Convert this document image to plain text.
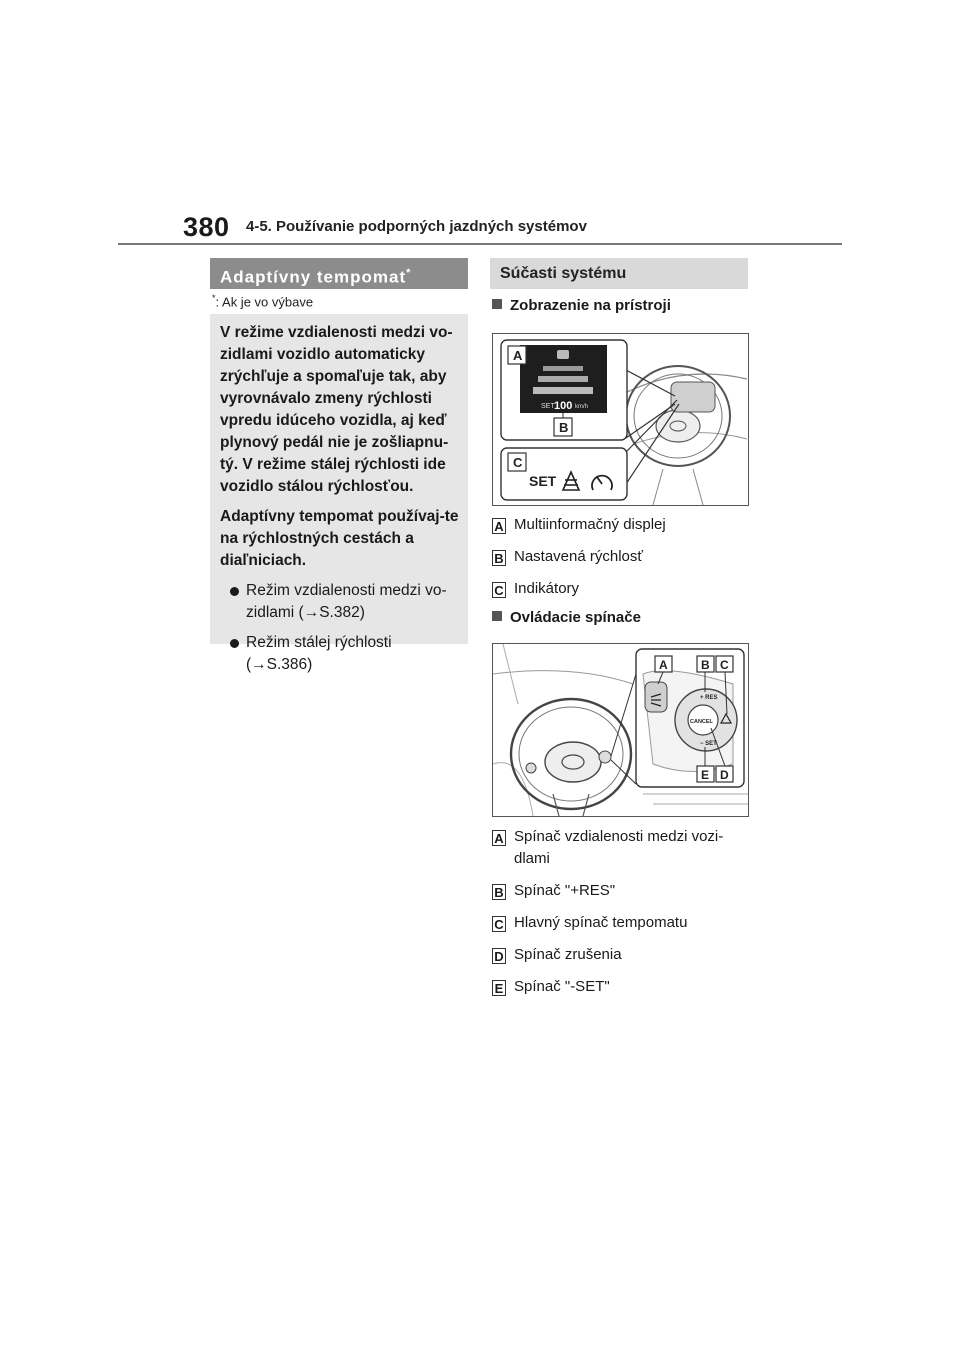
380 4-5. Používanie podporných jazdných systémov
Adaptívny tempomat*
*: Ak je vo výbave

V režime vzdialenosti medzi vo-zidlami vozidlo automaticky zrýchľuje a spomaľuje tak, aby vyrovnávalo zmeny rýchlosti vpredu idúceho vozidla, aj keď plynový pedál nie je zošliapnu-tý. V režime stálej rýchlosti ide vozidlo stálou rýchlosťou.

Adaptívny tempomat používaj-te na rýchlostných cestách a diaľniciach.

Režim vzdialenosti medzi vo-zidlami (→S.382)

Režim stálej rýchlosti (→S.386)

Súčasti systému
Zobrazenie na prístroji
SET 100 km/h
A
B
C
SET
A Multiinformačný displej
B Nastavená rýchlosť
C Indikátory
Ovládacie spínače
CANCEL
+ RES
− SET
A	B C
E D
A Spínač vzdialenosti medzi vozi-dlami
B Spínač "+RES"
C Hlavný spínač tempomatu
D Spínač zrušenia
E Spínač "-SET"
